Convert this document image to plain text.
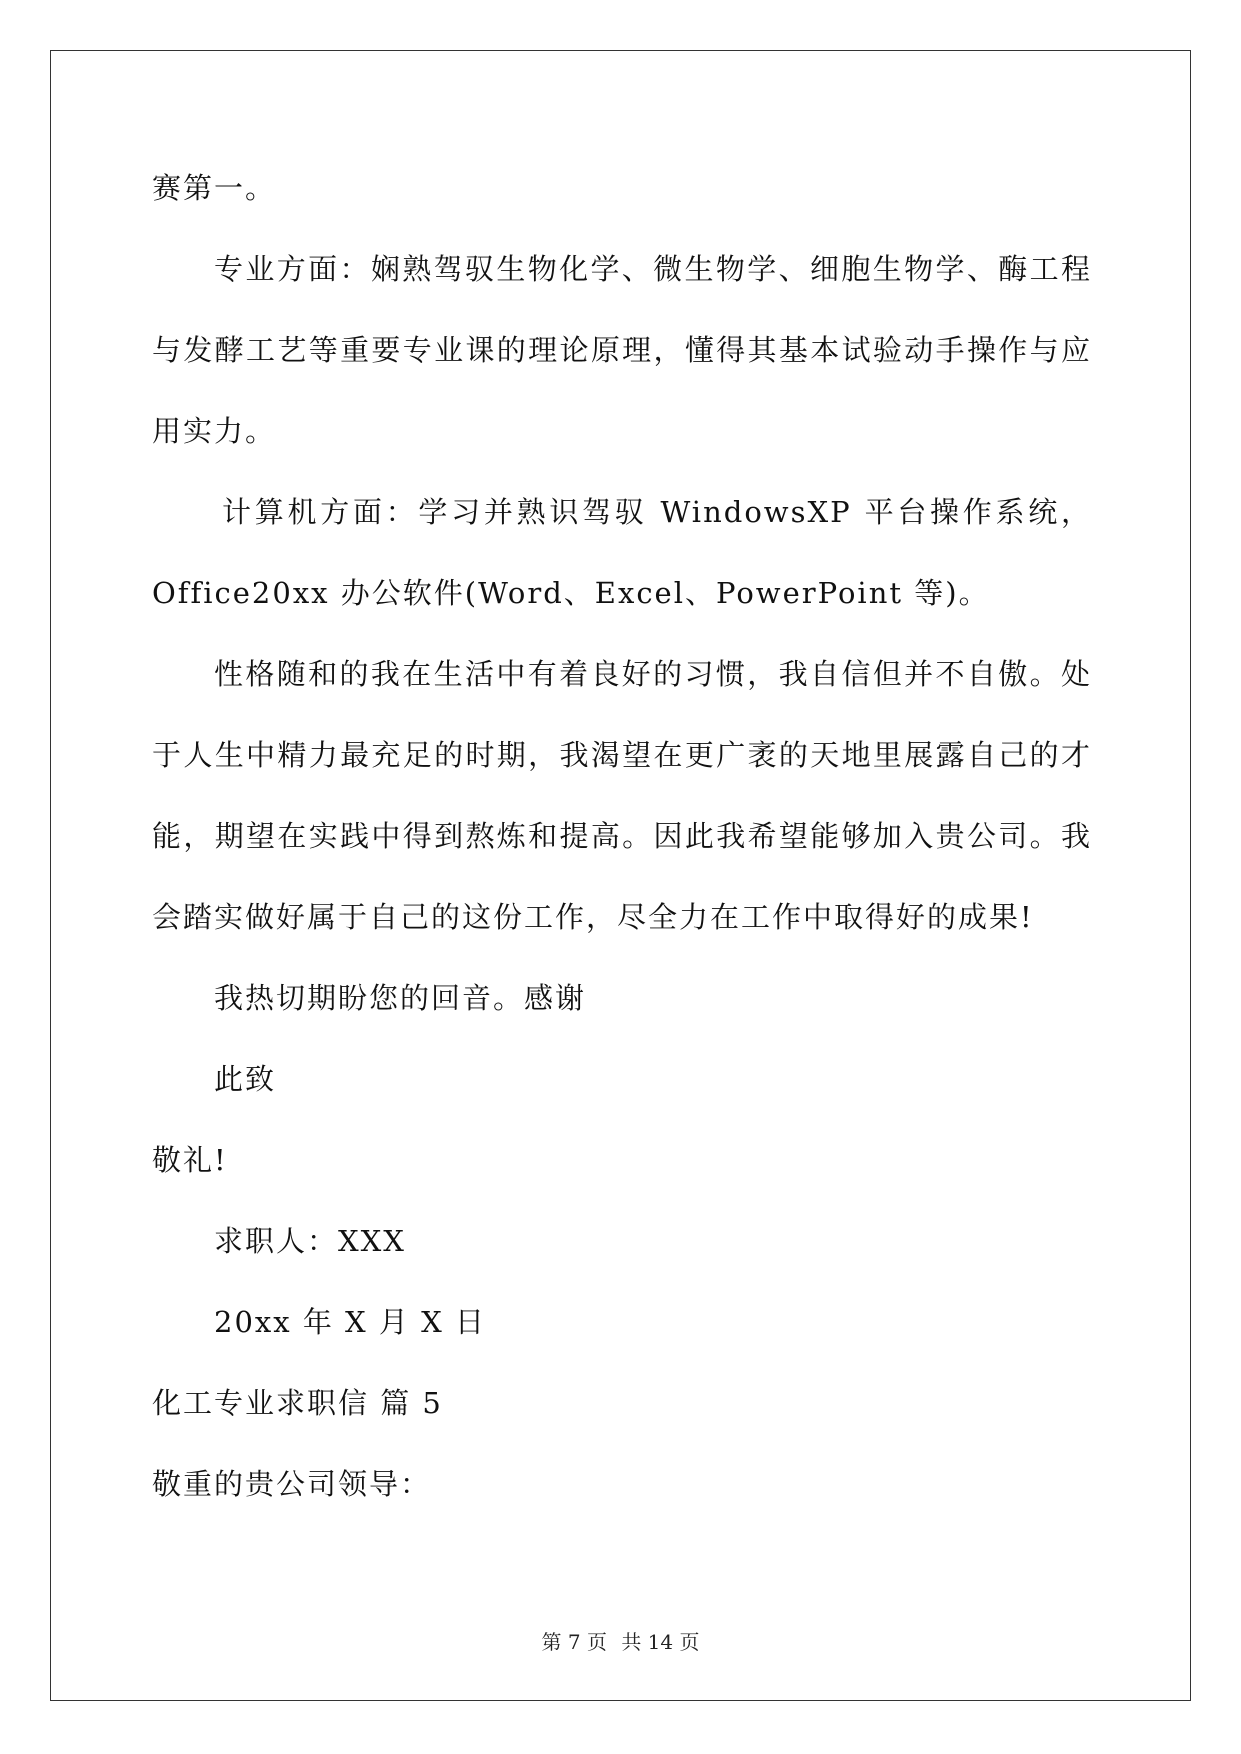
赛第一。
专业方面：娴熟驾驭生物化学、微生物学、细胞生物学、酶工程
与发酵工艺等重要专业课的理论原理，懂得其基本试验动手操作与应
用实力。
计算机方面：学习并熟识驾驭 WindowsXP 平台操作系统，
Office20xx 办公软件(Word、Excel、PowerPoint 等)。
性格随和的我在生活中有着良好的习惯，我自信但并不自傲。处
于人生中精力最充足的时期，我渴望在更广袤的天地里展露自己的才
能，期望在实践中得到熬炼和提高。因此我希望能够加入贵公司。我
会踏实做好属于自己的这份工作，尽全力在工作中取得好的成果!
我热切期盼您的回音。感谢
此致
敬礼!
求职人：XXX
20xx 年 X 月 X 日
化工专业求职信 篇 5
敬重的贵公司领导：
第 7 页 共 14 页
